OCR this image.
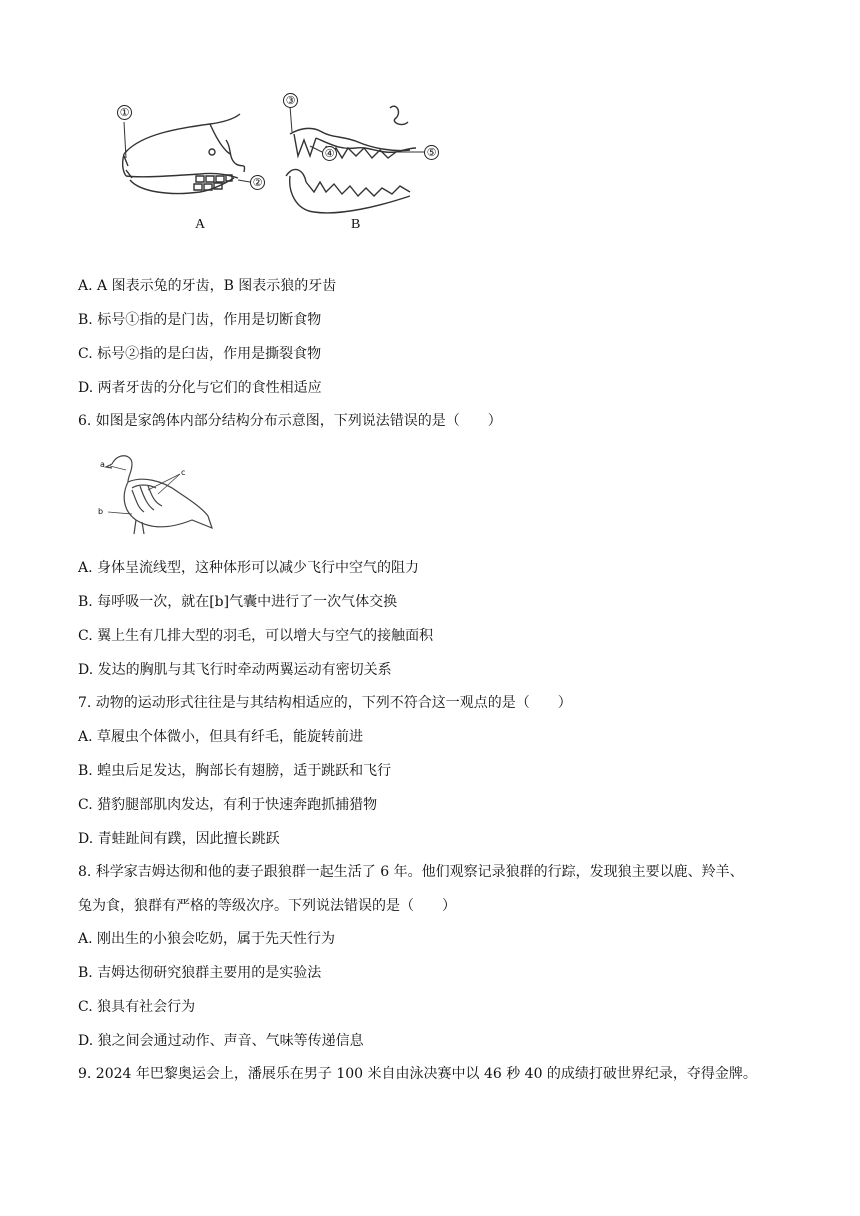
①
②
③
④	⑤
A	B
A. A 图表示兔的牙齿，B 图表示狼的牙齿
B. 标号①指的是门齿，作用是切断食物
C. 标号②指的是臼齿，作用是撕裂食物
D. 两者牙齿的分化与它们的食性相适应
6. 如图是家鸽体内部分结构分布示意图，下列说法错误的是（　　）
a
b
c
A. 身体呈流线型，这种体形可以减少飞行中空气的阻力
B. 每呼吸一次，就在[b]气囊中进行了一次气体交换
C. 翼上生有几排大型的羽毛，可以增大与空气的接触面积
D. 发达的胸肌与其飞行时牵动两翼运动有密切关系
7. 动物的运动形式往往是与其结构相适应的，下列不符合这一观点的是（　　）
A. 草履虫个体微小，但具有纤毛，能旋转前进
B. 蝗虫后足发达，胸部长有翅膀，适于跳跃和飞行
C. 猎豹腿部肌肉发达，有利于快速奔跑抓捕猎物
D. 青蛙趾间有蹼，因此擅长跳跃
8. 科学家吉姆达彻和他的妻子跟狼群一起生活了 6 年。他们观察记录狼群的行踪，发现狼主要以鹿、羚羊、
兔为食，狼群有严格的等级次序。下列说法错误的是（　　）
A. 刚出生的小狼会吃奶，属于先天性行为
B. 吉姆达彻研究狼群主要用的是实验法
C. 狼具有社会行为
D. 狼之间会通过动作、声音、气味等传递信息
9. 2024 年巴黎奥运会上，潘展乐在男子 100 米自由泳决赛中以 46 秒 40 的成绩打破世界纪录，夺得金牌。
